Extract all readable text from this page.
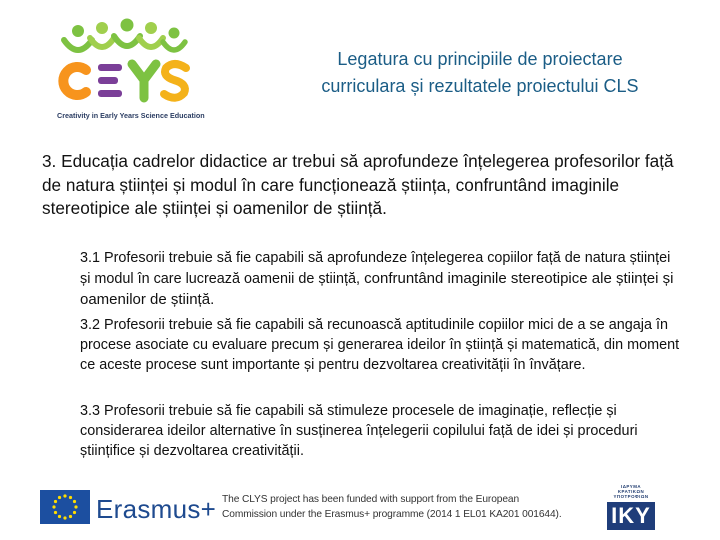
Creativity in Early Years Science Education
Legatura cu principiile de proiectare
curriculara și rezultatele proiectului CLS
3. Educația cadrelor didactice ar trebui să aprofundeze înțelegerea profesorilor față de natura științei și modul în care funcționează știința, confruntând imaginile stereotipice ale științei și oamenilor de știință.
3.1 Profesorii trebuie să fie capabili să aprofundeze înțelegerea copiilor față de natura științei și modul în care lucrează oamenii de știință, confruntând imaginile stereotipice ale științei și oamenilor de știință.
3.2 Profesorii trebuie să fie capabili să recunoască aptitudinile copiilor mici de a se angaja în procese asociate cu evaluare precum și generarea ideilor în știință și matematică, din moment ce aceste procese sunt importante și pentru dezvoltarea creativității în învățare.
3.3 Profesorii trebuie să fie capabili să stimuleze procesele de imaginație, reflecție și considerarea ideilor alternative în susținerea înțelegerii copilului față de idei și proceduri științifice și dezvoltarea creativității.
Erasmus+ The CLYS project has been funded with support from the European
Commission under the Erasmus+ programme (2014 1 EL01 KA201 001644).
ΙΔΡΥΜΑ
ΚΡΑΤΙΚΩΝ
ΥΠΟΤΡΟΦΙΩΝ
IKY
